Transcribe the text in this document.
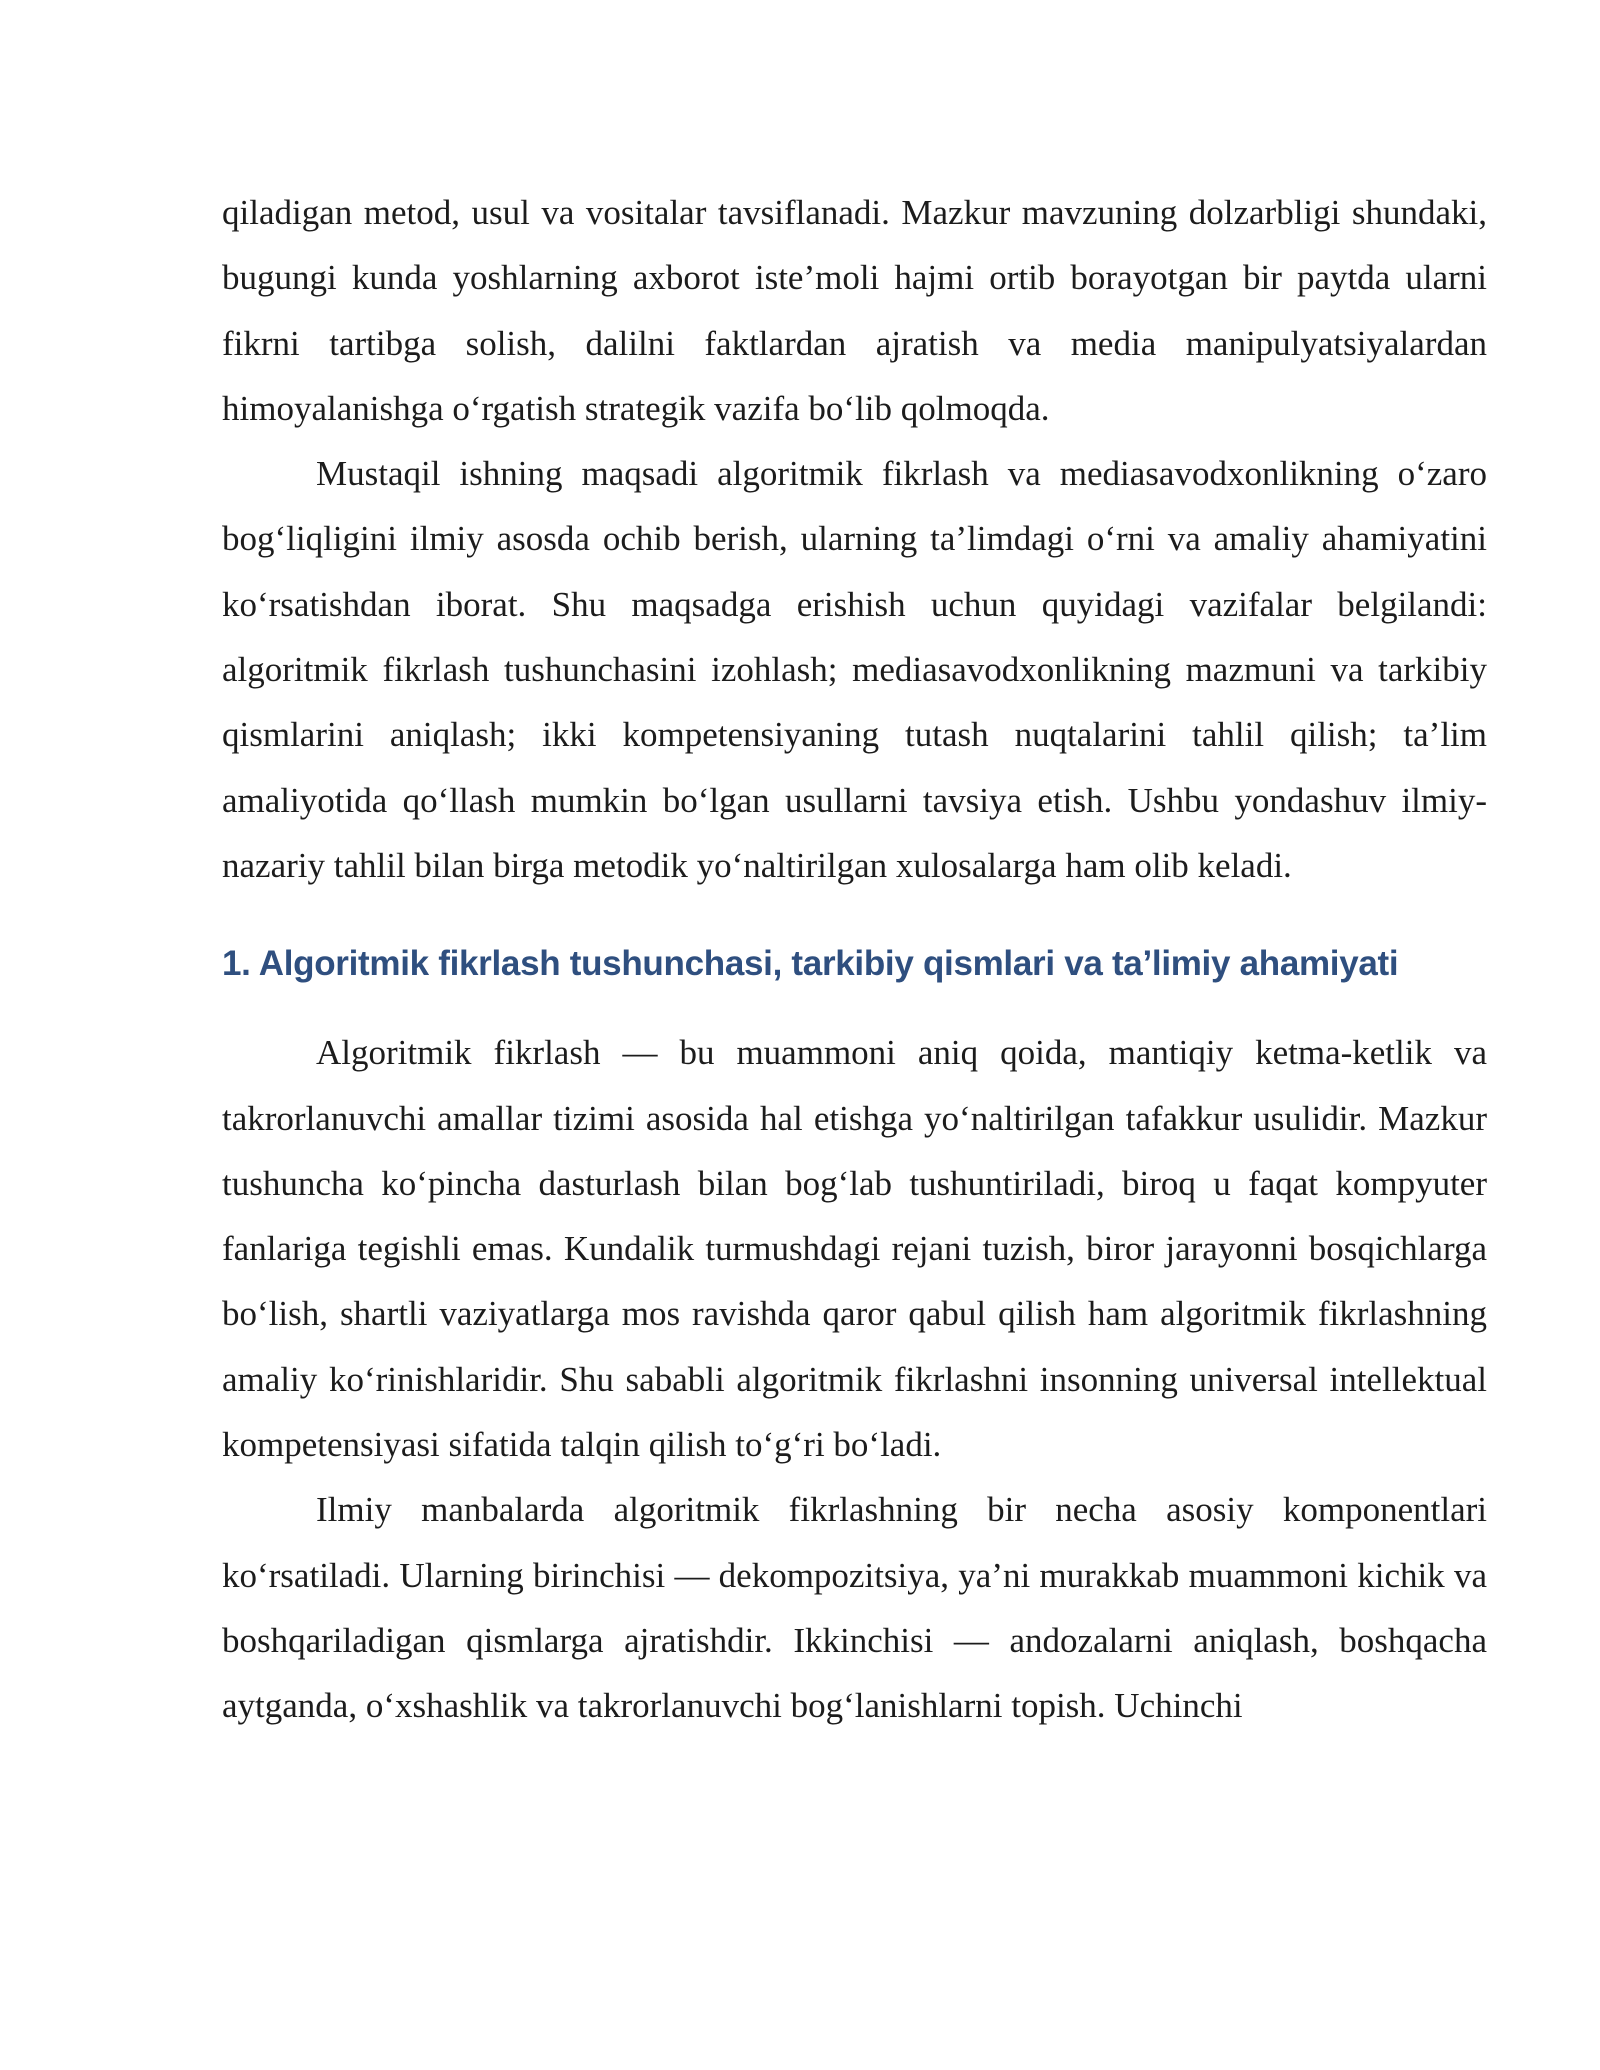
qiladigan metod, usul va vositalar tavsiflanadi. Mazkur mavzuning dolzarbligi shundaki, bugungi kunda yoshlarning axborot iste’moli hajmi ortib borayotgan bir paytda ularni fikrni tartibga solish, dalilni faktlardan ajratish va media manipulyatsiyalardan himoyalanishga o‘rgatish strategik vazifa bo‘lib qolmoqda.

Mustaqil ishning maqsadi algoritmik fikrlash va mediasavodxonlikning o‘zaro bog‘liqligini ilmiy asosda ochib berish, ularning ta’limdagi o‘rni va amaliy ahamiyatini ko‘rsatishdan iborat. Shu maqsadga erishish uchun quyidagi vazifalar belgilandi: algoritmik fikrlash tushunchasini izohlash; mediasavodxonlikning mazmuni va tarkibiy qismlarini aniqlash; ikki kompetensiyaning tutash nuqtalarini tahlil qilish; ta’lim amaliyotida qo‘llash mumkin bo‘lgan usullarni tavsiya etish. Ushbu yondashuv ilmiy-nazariy tahlil bilan birga metodik yo‘naltirilgan xulosalarga ham olib keladi.

1. Algoritmik fikrlash tushunchasi, tarkibiy qismlari va ta’limiy ahamiyati

Algoritmik fikrlash — bu muammoni aniq qoida, mantiqiy ketma-ketlik va takrorlanuvchi amallar tizimi asosida hal etishga yo‘naltirilgan tafakkur usulidir. Mazkur tushuncha ko‘pincha dasturlash bilan bog‘lab tushuntiriladi, biroq u faqat kompyuter fanlariga tegishli emas. Kundalik turmushdagi rejani tuzish, biror jarayonni bosqichlarga bo‘lish, shartli vaziyatlarga mos ravishda qaror qabul qilish ham algoritmik fikrlashning amaliy ko‘rinishlaridir. Shu sababli algoritmik fikrlashni insonning universal intellektual kompetensiyasi sifatida talqin qilish to‘g‘ri bo‘ladi.

Ilmiy manbalarda algoritmik fikrlashning bir necha asosiy komponentlari ko‘rsatiladi. Ularning birinchisi — dekompozitsiya, ya’ni murakkab muammoni kichik va boshqariladigan qismlarga ajratishdir. Ikkinchisi — andozalarni aniqlash, boshqacha aytganda, o‘xshashlik va takrorlanuvchi bog‘lanishlarni topish. Uchinchi
